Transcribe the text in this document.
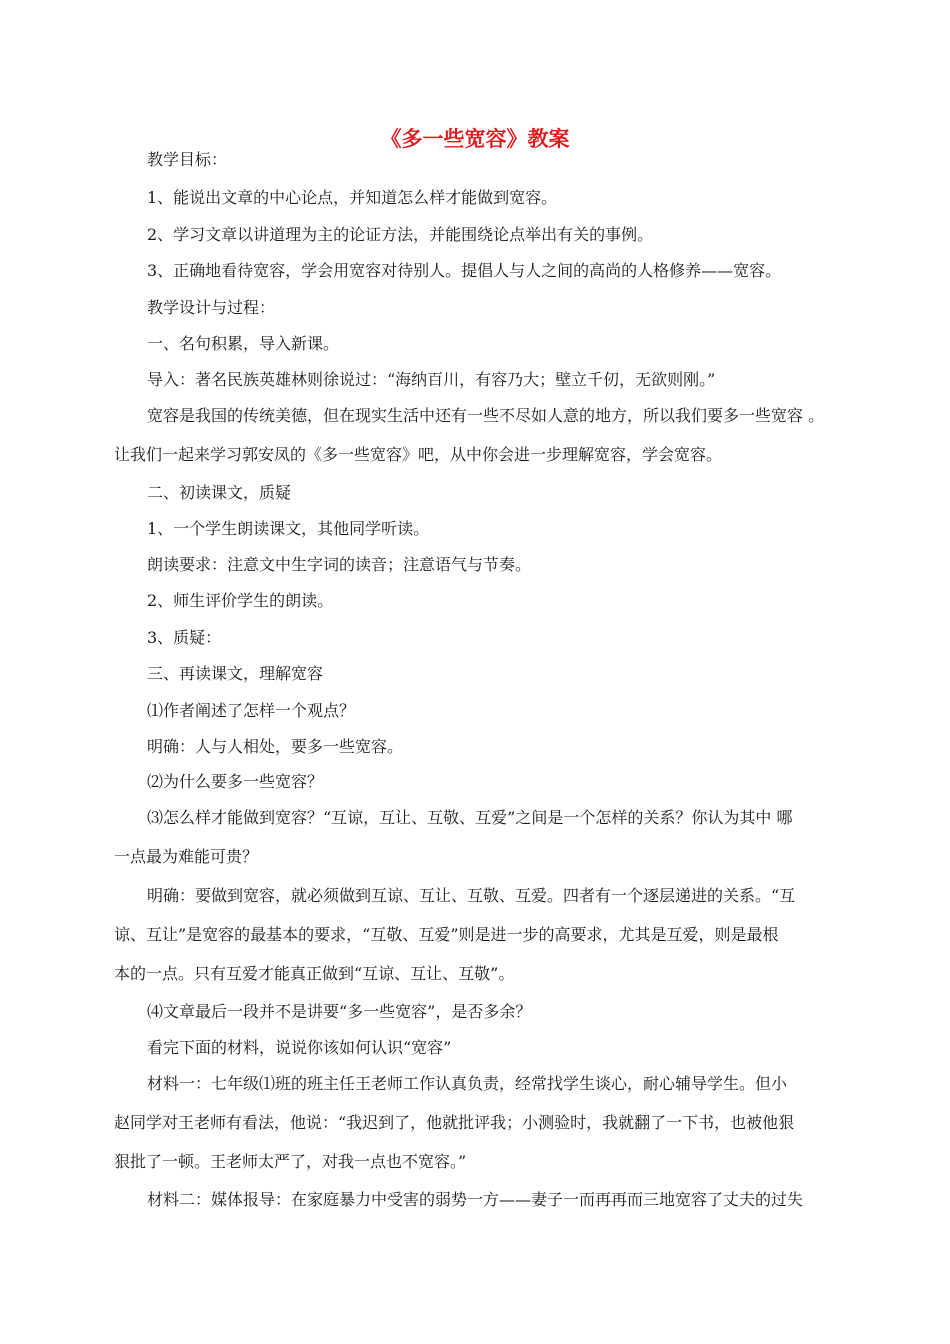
《多一些宽容》教案
教学目标：
1、能说出文章的中心论点，并知道怎么样才能做到宽容。
2、学习文章以讲道理为主的论证方法，并能围绕论点举出有关的事例。
3、正确地看待宽容，学会用宽容对待别人。提倡人与人之间的高尚的人格修养——宽容。
教学设计与过程：
一、名句积累，导入新课。
导入：著名民族英雄林则徐说过：“海纳百川，有容乃大；壁立千仞，无欲则刚。”
宽容是我国的传统美德，但在现实生活中还有一些不尽如人意的地方，所以我们要多一些宽容 。
让我们一起来学习郭安凤的《多一些宽容》吧，从中你会进一步理解宽容，学会宽容。
二、初读课文，质疑
1、一个学生朗读课文，其他同学听读。
朗读要求：注意文中生字词的读音；注意语气与节奏。
2、师生评价学生的朗读。
3、质疑：
三、再读课文，理解宽容
⑴作者阐述了怎样一个观点？
明确：人与人相处，要多一些宽容。
⑵为什么要多一些宽容？
⑶怎么样才能做到宽容？“互谅，互让、互敬、互爱”之间是一个怎样的关系？你认为其中 哪
一点最为难能可贵？
明确：要做到宽容，就必须做到互谅、互让、互敬、互爱。四者有一个逐层递进的关系。“互
谅、互让”是宽容的最基本的要求，“互敬、互爱”则是进一步的高要求，尤其是互爱，则是最根
本的一点。只有互爱才能真正做到“互谅、互让、互敬”。
⑷文章最后一段并不是讲要“多一些宽容”，是否多余？
看完下面的材料，说说你该如何认识“宽容”
材料一：七年级⑴班的班主任王老师工作认真负责，经常找学生谈心，耐心辅导学生。但小
赵同学对王老师有看法，他说：“我迟到了，他就批评我；小测验时，我就翻了一下书，也被他狠
狠批了一顿。王老师太严了，对我一点也不宽容。”
材料二：媒体报导：在家庭暴力中受害的弱势一方——妻子一而再再而三地宽容了丈夫的过失
